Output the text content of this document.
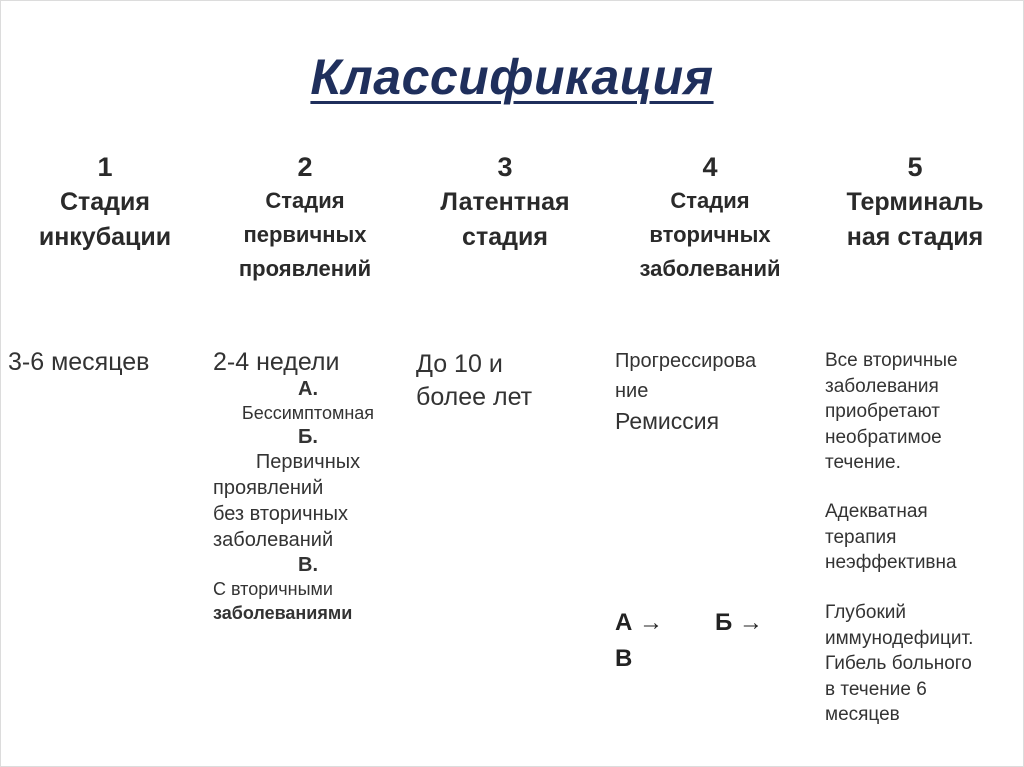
Классификация
1
Стадия
инкубации
2
Стадия
первичных
проявлений
3
Латентная
стадия
4
Стадия
вторичных
заболеваний
5
Терминаль
ная стадия
3-6 месяцев	2-4 недели
А.
Бессимптомная
Б.
Первичных
проявлений
без вторичных
заболеваний
В.
С вторичными
заболеваниями
До 10 и
более лет
Прогрессирова
ние
Ремиссия
А → Б →
В
Все вторичные
заболевания
приобретают
необратимое
течение.
Адекватная
терапия
неэффективна
Глубокий
иммунодефицит.
Гибель больного
в течение 6
месяцев
